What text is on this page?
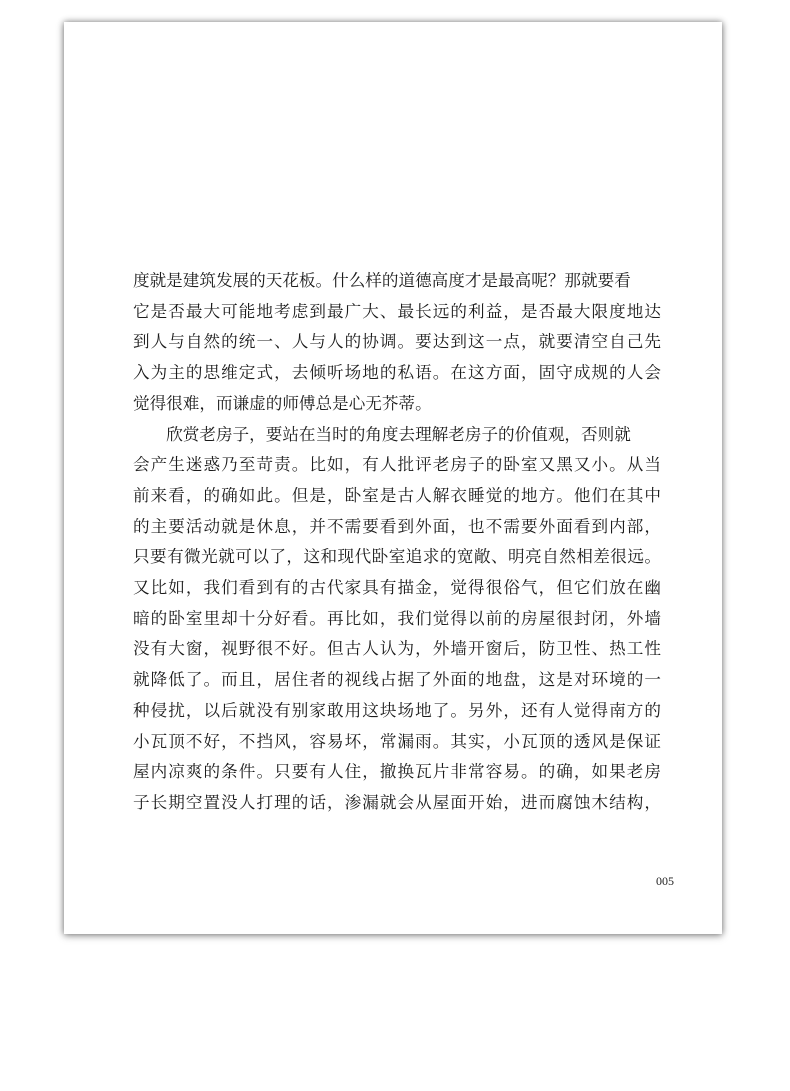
度就是建筑发展的天花板。什么样的道德高度才是最高呢？那就要看
它是否最大可能地考虑到最广大、最长远的利益，是否最大限度地达
到人与自然的统一、人与人的协调。要达到这一点，就要清空自己先
入为主的思维定式，去倾听场地的私语。在这方面，固守成规的人会
觉得很难，而谦虚的师傅总是心无芥蒂。
欣赏老房子，要站在当时的角度去理解老房子的价值观，否则就
会产生迷惑乃至苛责。比如，有人批评老房子的卧室又黑又小。从当
前来看，的确如此。但是，卧室是古人解衣睡觉的地方。他们在其中
的主要活动就是休息，并不需要看到外面，也不需要外面看到内部，
只要有微光就可以了，这和现代卧室追求的宽敞、明亮自然相差很远。
又比如，我们看到有的古代家具有描金，觉得很俗气，但它们放在幽
暗的卧室里却十分好看。再比如，我们觉得以前的房屋很封闭，外墙
没有大窗，视野很不好。但古人认为，外墙开窗后，防卫性、热工性
就降低了。而且，居住者的视线占据了外面的地盘，这是对环境的一
种侵扰，以后就没有别家敢用这块场地了。另外，还有人觉得南方的
小瓦顶不好，不挡风，容易坏，常漏雨。其实，小瓦顶的透风是保证
屋内凉爽的条件。只要有人住，撤换瓦片非常容易。的确，如果老房
子长期空置没人打理的话，渗漏就会从屋面开始，进而腐蚀木结构，
005
